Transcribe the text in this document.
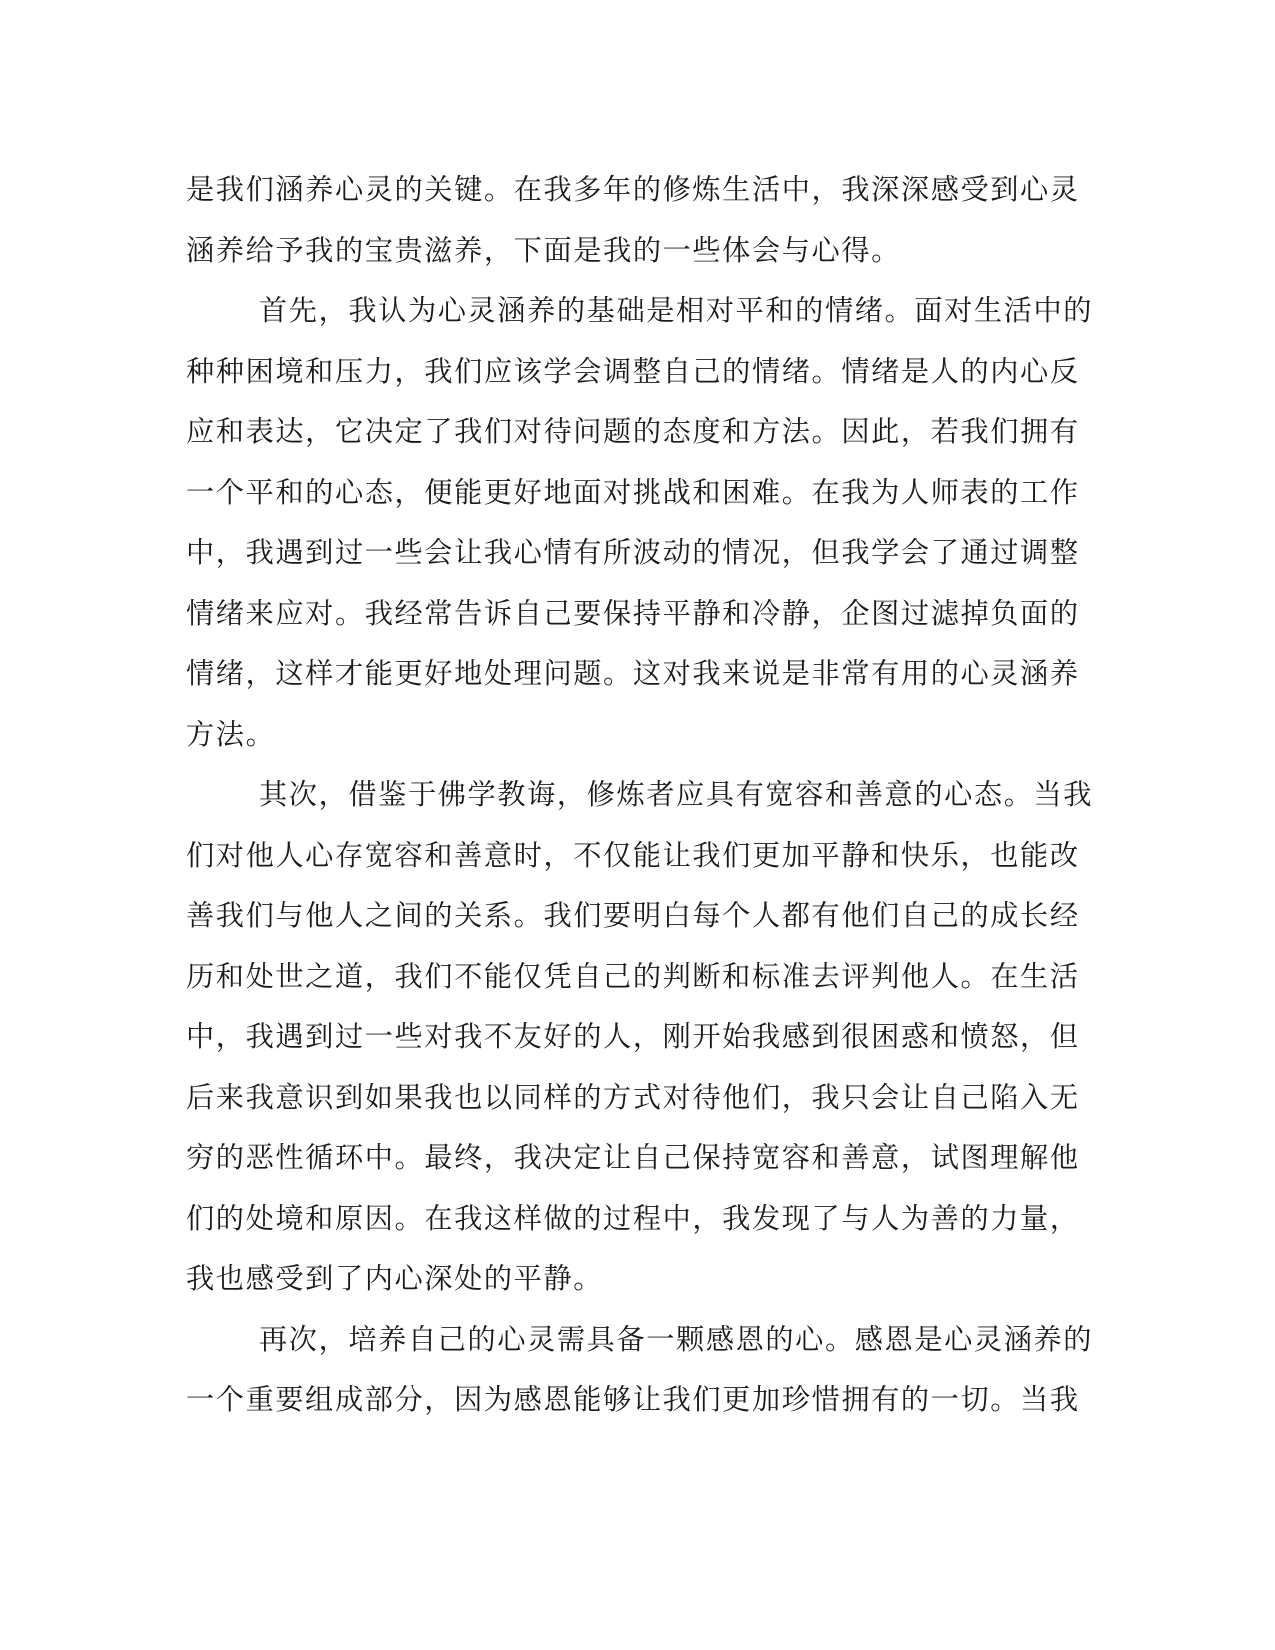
是我们涵养心灵的关键。在我多年的修炼生活中，我深深感受到心灵
涵养给予我的宝贵滋养，下面是我的一些体会与心得。
首先，我认为心灵涵养的基础是相对平和的情绪。面对生活中的
种种困境和压力，我们应该学会调整自己的情绪。情绪是人的内心反
应和表达，它决定了我们对待问题的态度和方法。因此，若我们拥有
一个平和的心态，便能更好地面对挑战和困难。在我为人师表的工作
中，我遇到过一些会让我心情有所波动的情况，但我学会了通过调整
情绪来应对。我经常告诉自己要保持平静和冷静，企图过滤掉负面的
情绪，这样才能更好地处理问题。这对我来说是非常有用的心灵涵养
方法。
其次，借鉴于佛学教诲，修炼者应具有宽容和善意的心态。当我
们对他人心存宽容和善意时，不仅能让我们更加平静和快乐，也能改
善我们与他人之间的关系。我们要明白每个人都有他们自己的成长经
历和处世之道，我们不能仅凭自己的判断和标准去评判他人。在生活
中，我遇到过一些对我不友好的人，刚开始我感到很困惑和愤怒，但
后来我意识到如果我也以同样的方式对待他们，我只会让自己陷入无
穷的恶性循环中。最终，我决定让自己保持宽容和善意，试图理解他
们的处境和原因。在我这样做的过程中，我发现了与人为善的力量，
我也感受到了内心深处的平静。
再次，培养自己的心灵需具备一颗感恩的心。感恩是心灵涵养的
一个重要组成部分，因为感恩能够让我们更加珍惜拥有的一切。当我
